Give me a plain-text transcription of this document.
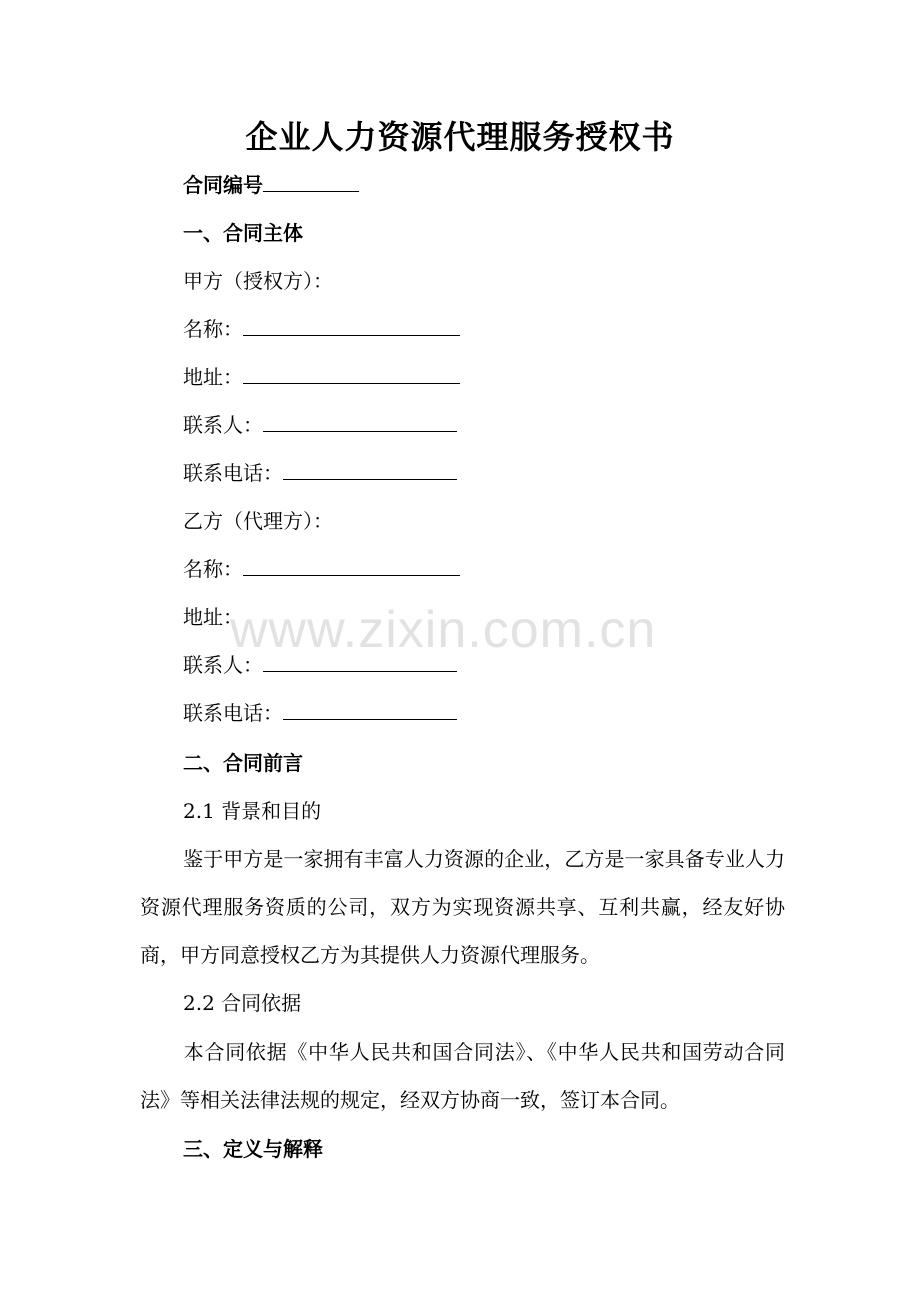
企业人力资源代理服务授权书
合同编号
一、合同主体
甲方（授权方）：
名称：
地址：
联系人：
联系电话：
乙方（代理方）：
名称：
地址：
联系人：
联系电话：
二、合同前言
2.1 背景和目的
鉴于甲方是一家拥有丰富人力资源的企业，乙方是一家具备专业人力资源代理服务资质的公司，双方为实现资源共享、互利共赢，经友好协商，甲方同意授权乙方为其提供人力资源代理服务。
2.2 合同依据
本合同依据《中华人民共和国合同法》、《中华人民共和国劳动合同法》等相关法律法规的规定，经双方协商一致，签订本合同。
三、定义与解释
www.zixin.com.cn
